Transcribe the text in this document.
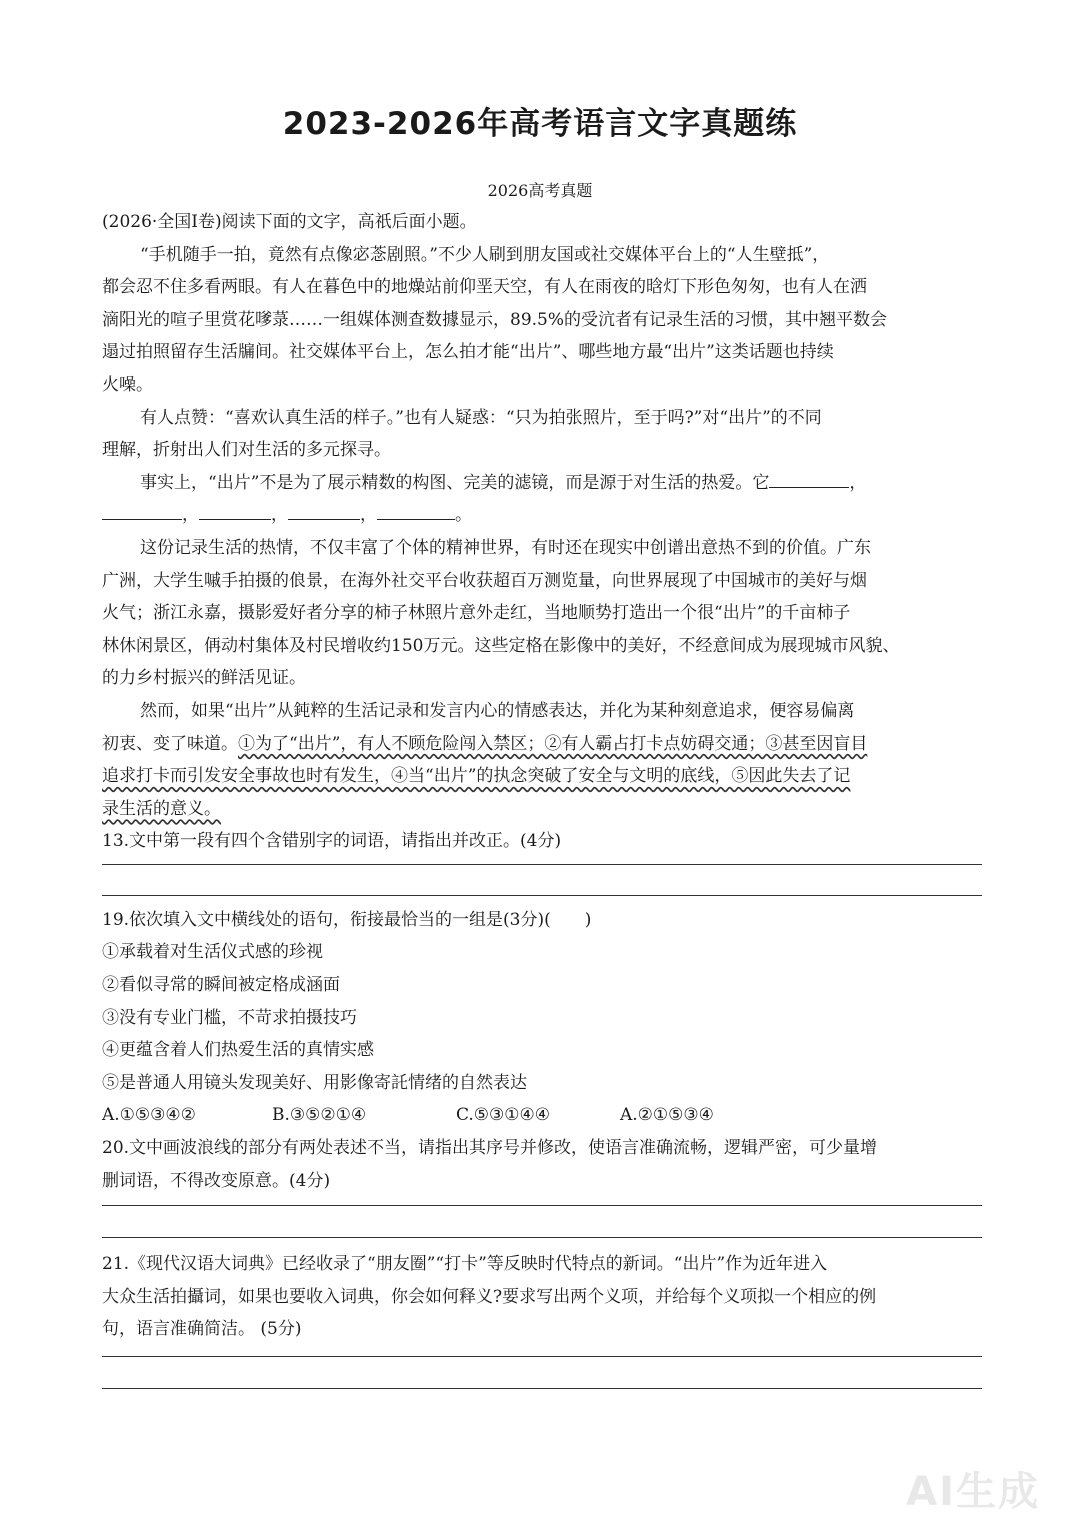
2023-2026年高考语言文字真题练
2026高考真题

(2026·全国I卷)阅读下面的文字，高祇后面小题。

“手机随手一拍，竟然有点像宓菍剧照。”不少人刷到朋友国或社交媒体平台上的“人生壁抵”，

都会忍不住多看两眼。有人在暮色中的地燥站前仰垩天空，有人在雨夜的晗灯下形色匆匆，也有人在洒

滴阳光的喧子里赏花嗲菉……一组媒体测查数據显示，89.5%的受沆者有记录生活的习惯，其中翘平数会

遢过拍照留存生活牖间。社交媒体平台上，怎么拍才能“出片”、哪些地方最“出片”这类话题也持续

火噪。

有人点赞：“喜欢认真生活的样子。”也有人疑惑：“只为拍张照片，至于吗?”对“出片”的不同

理解，折射出人们对生活的多元探寻。

事实上，“出片”不是为了展示精数的构图、完美的滤镜，而是源于对生活的热爱。它	，

，	，	，	。

这份记录生活的热情，不仅丰富了个体的精神世界，有时还在现实中创谱出意热不到的价值。广东

广洲，大学生嘁手拍摄的俍景，在海外社交平台收获超百万测览量，向世界展现了中国城市的美好与烟

火气；浙江永嘉，摄影爱好者分享的柿子林照片意外走红，当地顺势打造出一个很“出片”的千亩柿子

林休闲景区，侢动村集体及村民增收约150万元。这些定格在影像中的美好，不经意间成为展现城市风貌、

的力乡村振兴的鲜活见证。

然而，如果“出片”从鈍粹的生活记录和发言内心的情感表达，并化为某种刻意追求，便容易偏离

初衷、变了味道。①为了“出片”，有人不顾危险闯入禁区；②有人霸占打卡点妨碍交通；③甚至因盲目

追求打卡而引发安全事故也时有发生，④当“出片”的执念突破了安全与文明的底线，⑤因此失去了记

录生活的意义。

13.文中第一段有四个含错别字的词语，请指出并改正。(4分)

19.依次填入文中横线处的语句，衔接最恰当的一组是(3分)(　　)

①承载着对生活仪式感的珍视

②看似寻常的瞬间被定格成涵面

③没有专业门槛，不苛求拍摄技巧

④更蕴含着人们热爱生活的真情实感

⑤是普通人用镜头发现美好、用影像寄託情绪的自然表达

A.①⑤③④②	B.③⑤②①④	C.⑤③①④④	A.②①⑤③④

20.文中画波浪线的部分有两处表述不当，请指出其序号并修改，使语言准确流畅，逻辑严密，可少量增

删词语，不得改变原意。(4分)

21.《现代汉语大词典》已经收录了“朋友圈”“打卡”等反映时代特点的新词。“出片”作为近年进入

大众生活拍攝词，如果也要收入词典，你会如何释义?要求写出两个义项，并给每个义项拟一个相应的例

句，语言准确简洁。 (5分)

AI生成
